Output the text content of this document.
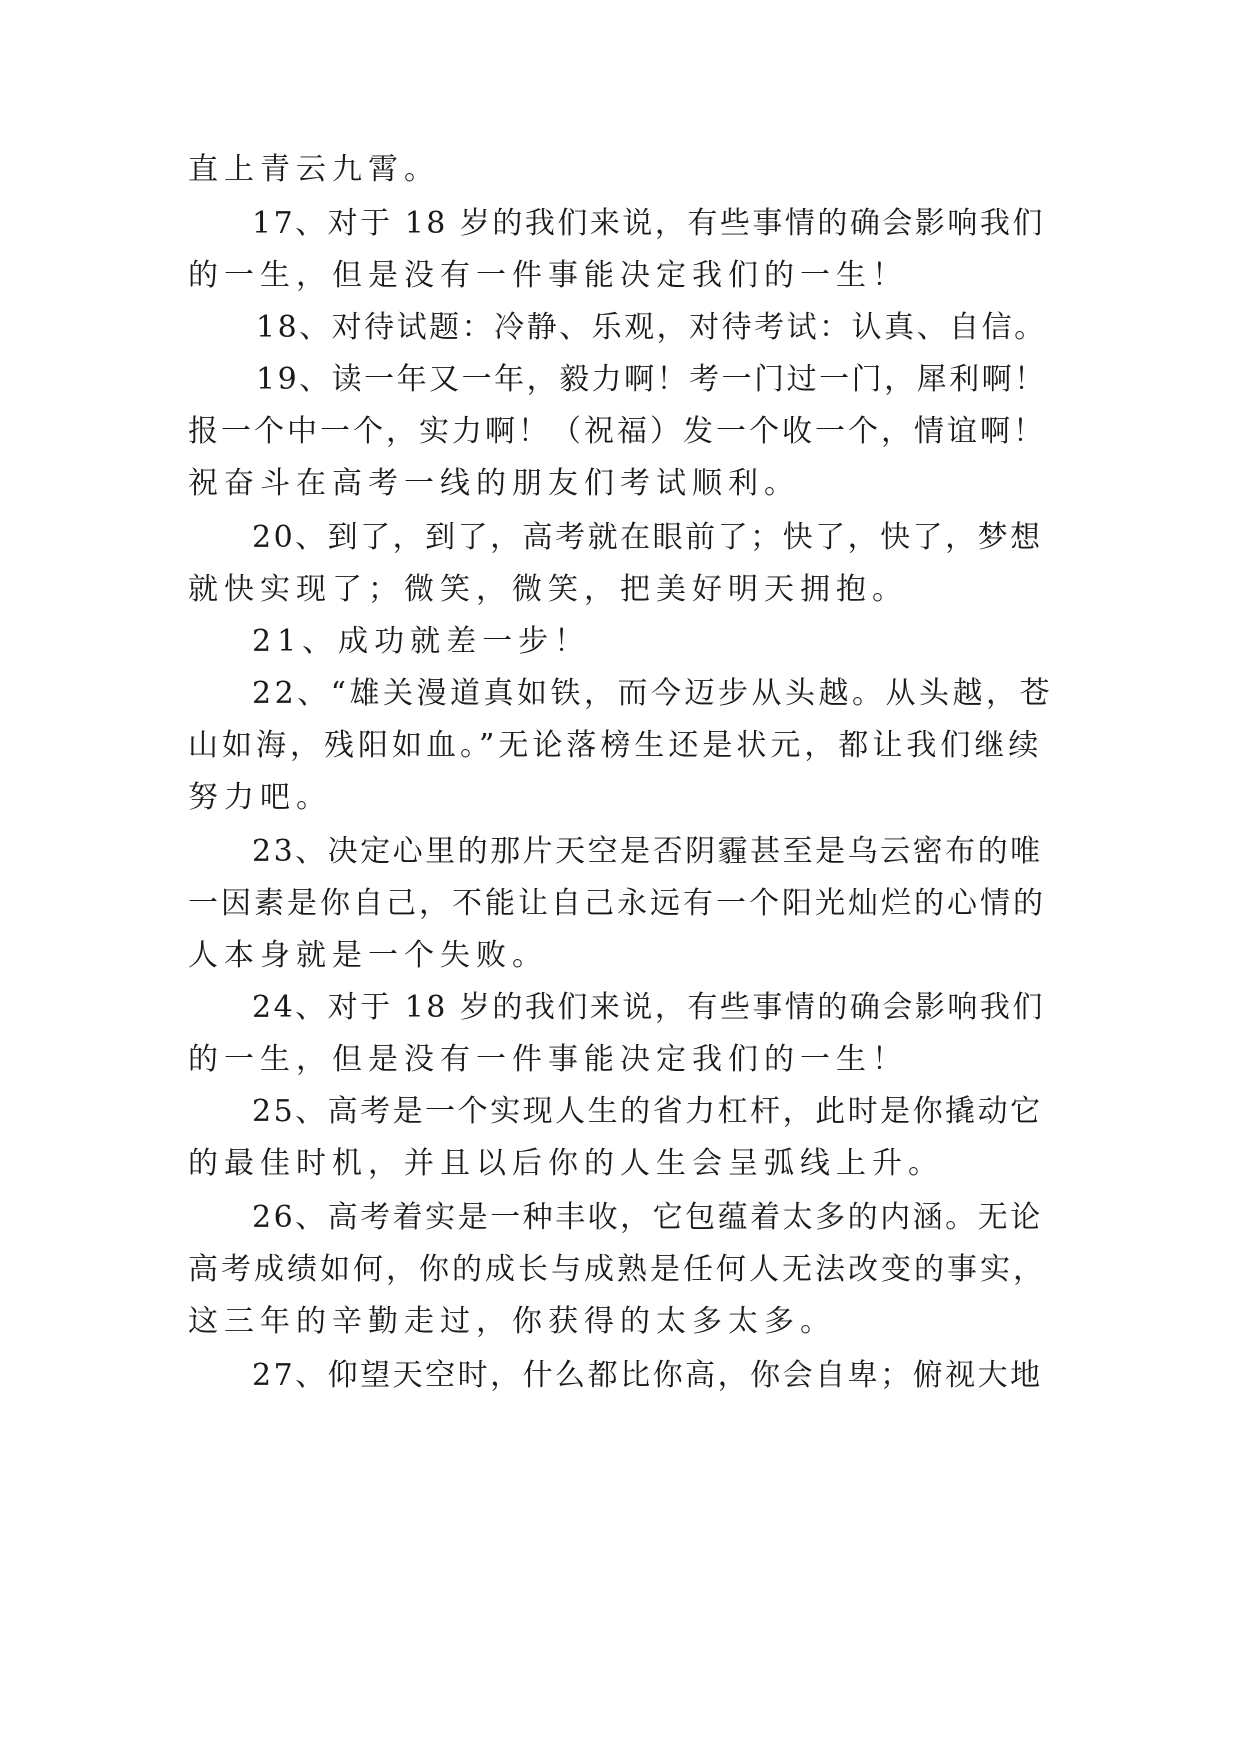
直上青云九霄。
17、对于 18 岁的我们来说，有些事情的确会影响我们
的一生，但是没有一件事能决定我们的一生！
18、对待试题：冷静、乐观，对待考试：认真、自信。
19、读一年又一年，毅力啊！考一门过一门，犀利啊！
报一个中一个，实力啊！（祝福）发一个收一个，情谊啊！
祝奋斗在高考一线的朋友们考试顺利。
20、到了，到了，高考就在眼前了；快了，快了，梦想
就快实现了；微笑，微笑，把美好明天拥抱。
21、成功就差一步！
22、“雄关漫道真如铁，而今迈步从头越。从头越，苍
山如海，残阳如血。”无论落榜生还是状元，都让我们继续
努力吧。
23、决定心里的那片天空是否阴霾甚至是乌云密布的唯
一因素是你自己，不能让自己永远有一个阳光灿烂的心情的
人本身就是一个失败。
24、对于 18 岁的我们来说，有些事情的确会影响我们
的一生，但是没有一件事能决定我们的一生！
25、高考是一个实现人生的省力杠杆，此时是你撬动它
的最佳时机，并且以后你的人生会呈弧线上升。
26、高考着实是一种丰收，它包蕴着太多的内涵。无论
高考成绩如何，你的成长与成熟是任何人无法改变的事实，
这三年的辛勤走过，你获得的太多太多。
27、仰望天空时，什么都比你高，你会自卑；俯视大地
